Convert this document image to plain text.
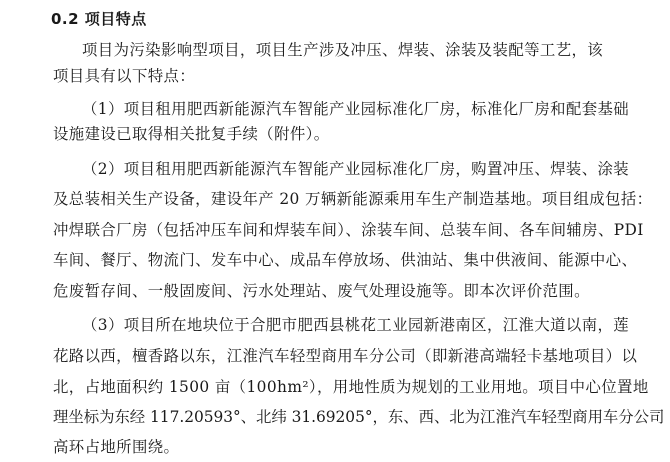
0.2 项目特点
项目为污染影响型项目，项目生产涉及冲压、焊装、涂装及装配等工艺，该
项目具有以下特点：
（1）项目租用肥西新能源汽车智能产业园标准化厂房，标准化厂房和配套基础
设施建设已取得相关批复手续（附件）。
（2）项目租用肥西新能源汽车智能产业园标准化厂房，购置冲压、焊装、涂装
及总装相关生产设备，建设年产 20 万辆新能源乘用车生产制造基地。项目组成包括：
冲焊联合厂房（包括冲压车间和焊装车间）、涂装车间、总装车间、各车间辅房、PDI
车间、餐厅、物流门、发车中心、成品车停放场、供油站、集中供液间、能源中心、
危废暂存间、一般固废间、污水处理站、废气处理设施等。即本次评价范围。
（3）项目所在地块位于合肥市肥西县桃花工业园新港南区，江淮大道以南，莲
花路以西，檀香路以东，江淮汽车轻型商用车分公司（即新港高端轻卡基地项目）以
北，占地面积约 1500 亩（100hm²），用地性质为规划的工业用地。项目中心位置地
理坐标为东经 117.20593°、北纬 31.69205°，东、西、北为江淮汽车轻型商用车分公司
高环占地所围绕。
